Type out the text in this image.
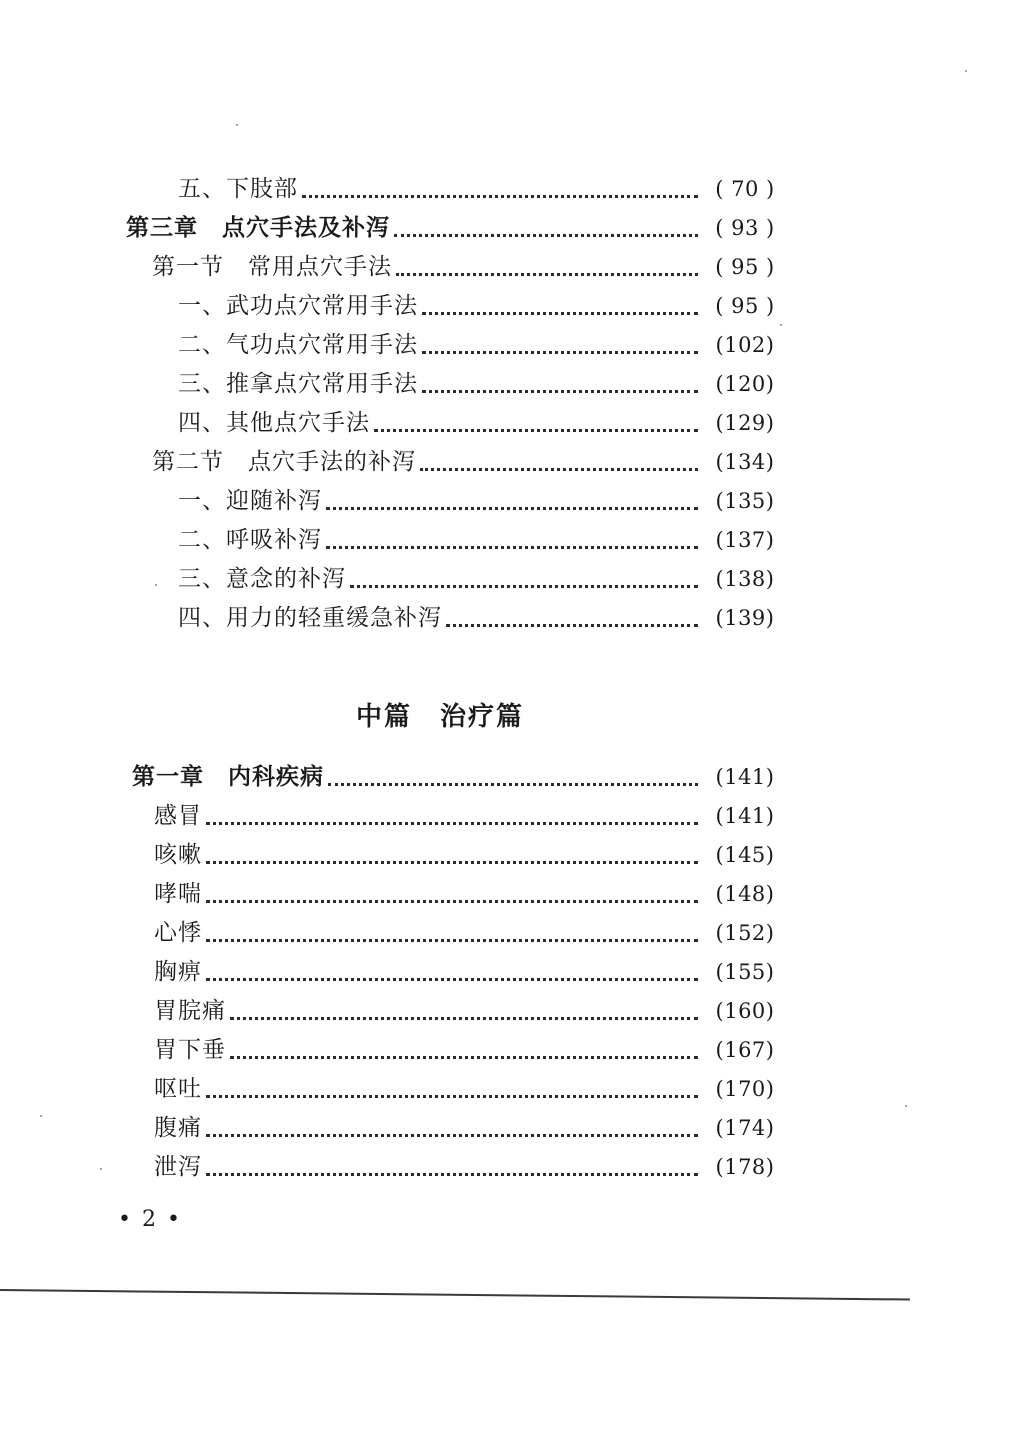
五、下肢部	( 70 )
第三章　点穴手法及补泻	( 93 )
第一节　常用点穴手法	( 95 )
一、武功点穴常用手法	( 95 )
二、气功点穴常用手法	(102)
三、推拿点穴常用手法	(120)
四、其他点穴手法	(129)
第二节　点穴手法的补泻	(134)
一、迎随补泻	(135)
二、呼吸补泻	(137)
三、意念的补泻	(138)
四、用力的轻重缓急补泻	(139)
中篇　治疗篇
第一章　内科疾病	(141)
感冒	(141)
咳嗽	(145)
哮喘	(148)
心悸	(152)
胸痹	(155)
胃脘痛	(160)
胃下垂	(167)
呕吐	(170)
腹痛	(174)
泄泻	(178)
• 2 •
